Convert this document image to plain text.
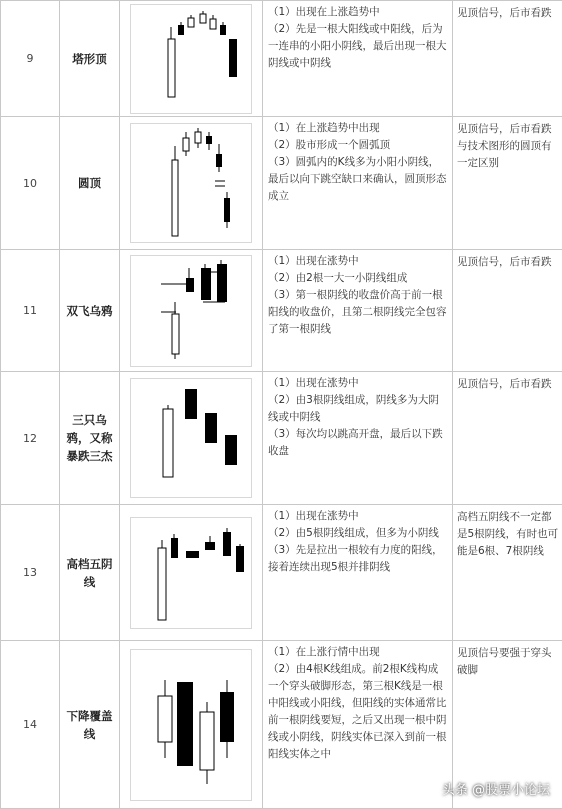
9	塔形顶		（1）出现在上涨趋势中

（2）先是一根大阳线或中阳线，后为一连串的小阳小阴线，最后出现一根大阴线或中阴线	见顶信号，后市看跌
10	圆顶		（1）在上涨趋势中出现

（2）股市形成一个圆弧顶

（3）圆弧内的K线多为小阳小阴线，最后以向下跳空缺口来确认，圆顶形态成立	见顶信号，后市看跌与技术图形的圆顶有一定区别
11	双飞乌鸦		（1）出现在涨势中

（2）由2根一大一小阴线组成

（3）第一根阴线的收盘价高于前一根阳线的收盘价，且第二根阴线完全包容了第一根阴线	见顶信号，后市看跌
12	三只乌鸦，又称暴跌三杰		（1）出现在涨势中

（2）由3根阴线组成，阴线多为大阴线或中阴线

（3）每次均以跳高开盘，最后以下跌收盘	见顶信号，后市看跌
13	高档五阴线		（1）出现在涨势中

（2）由5根阴线组成，但多为小阴线

（3）先是拉出一根较有力度的阳线，接着连续出现5根并排阴线	高档五阴线不一定都是5根阴线，有时也可能是6根、7根阴线
14	下降覆盖线		（1）在上涨行情中出现

（2）由4根K线组成。前2根K线构成一个穿头破脚形态，第三根K线是一根中阳线或小阳线，但阳线的实体通常比前一根阴线要短，之后又出现一根中阴线或小阴线，阴线实体已深入到前一根阳线实体之中	见顶信号要强于穿头破脚
头条 @股票小论坛
